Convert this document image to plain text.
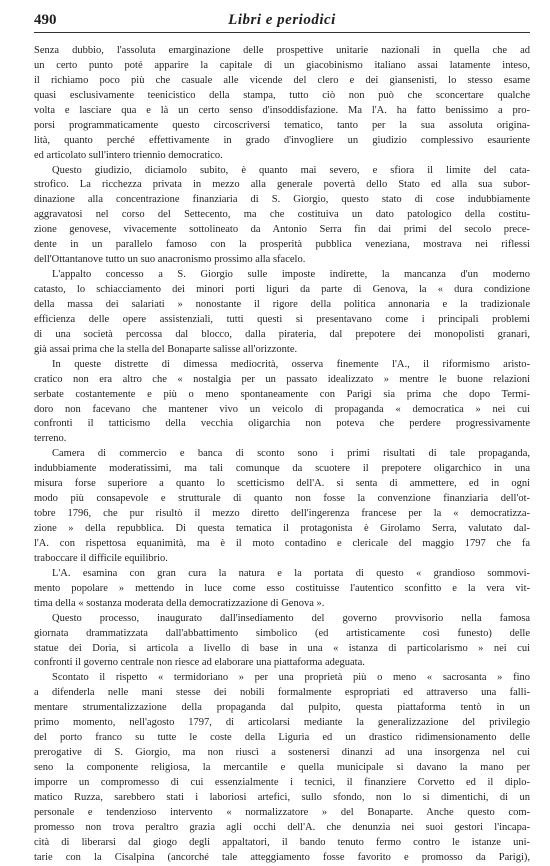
490	Libri e periodici
Senza dubbio, l'assoluta emarginazione delle prospettive unitarie nazionali in quella che ad
un certo punto poté apparire la capitale di un giacobinismo italiano assai latamente inteso,
il richiamo poco più che casuale alle vicende del clero e dei giansenisti, lo stesso esame
quasi esclusivamente teenicistico della stampa, tutto ciò non può che sconcertare qualche
volta e lasciare qua e là un certo senso d'insoddisfazione. Ma l'A. ha fatto benissimo a pro-
porsi programmaticamente questo circoscriversi tematico, tanto per la sua assoluta origina-
lità, quanto perché effettivamente in grado d'invogliere un giudizio complessivo esauriente
ed articolato sull'intero triennio democratico.
Questo giudizio, diciamolo subito, è quanto mai severo, e sfiora il limite del cata-
strofico. La ricchezza privata in mezzo alla generale povertà dello Stato ed alla sua subor-
dinazione alla concentrazione finanziaria di S. Giorgio, questo stato di cose indubbiamente
aggravatosi nel corso del Settecento, ma che costituiva un dato patologico della costitu-
zione genovese, vivacemente sottolineato da Antonio Serra fin dai primi del secolo prece-
dente in un parallelo famoso con la prosperità pubblica veneziana, mostrava nei riflessi
dell'Ottantanove tutto un suo anacronismo prossimo alla sfacelo.
L'appalto concesso a S. Giorgio sulle imposte indirette, la mancanza d'un moderno
catasto, lo schiacciamento dei minori porti liguri da parte di Genova, la « dura condizione
della massa dei salariati » nonostante il rigore della politica annonaria e la tradizionale
efficienza delle opere assistenziali, tutti questi si presentavano come i principali problemi
di una società percossa dal blocco, dalla pirateria, dal prepotere dei monopolisti granari,
già assai prima che la stella del Bonaparte salisse all'orizzonte.
In queste distrette di dimessa mediocrità, osserva finemente l'A., il riformismo aristo-
cratico non era altro che « nostalgia per un passato idealizzato » mentre le buone relazioni
serbate costantemente e più o meno spontaneamente con Parigi sia prima che dopo Termi-
doro non facevano che mantener vivo un veicolo di propaganda « democratica » nei cui
confronti il tatticismo della vecchia oligarchia non poteva che perdere progressivamente
terreno.
Camera di commercio e banca di sconto sono i primi risultati di tale propaganda,
indubbiamente moderatissimi, ma tali comunque da scuotere il prepotere oligarchico in una
misura forse superiore a quanto lo scetticismo dell'A. si senta di ammettere, ed in ogni
modo più consapevole e strutturale di quanto non fosse la convenzione finanziaria dell'ot-
tobre 1796, che pur risultò il mezzo diretto dell'ingerenza francese per la « democratizza-
zione » della repubblica. Di questa tematica il protagonista è Girolamo Serra, valutato dal-
l'A. con rispettosa equanimità, ma è il moto contadino e clericale del maggio 1797 che fa
traboccare il difficile equilibrio.
L'A. esamina con gran cura la natura e la portata di questo « grandioso sommovi-
mento popolare » mettendo in luce come esso costituisse l'autentico sconfitto e la vera vit-
tima della « sostanza moderata della democratizzazione di Genova ».
Questo processo, inaugurato dall'insediamento del governo provvisorio nella famosa
giornata drammatizzata dall'abbattimento simbolico (ed artisticamente così funesto) delle
statue dei Doria, si articola a livello di base in una « istanza di particolarismo » nei cui
confronti il governo centrale non riesce ad elaborare una piattaforma adeguata.
Scontato il rispetto « termidoriano » per una proprietà più o meno « sacrosanta » fino
a difenderla nelle mani stesse dei nobili formalmente espropriati ed attraverso una falli-
mentare strumentalizzazione della propaganda dal pulpito, questa piattaforma tentò in un
primo momento, nell'agosto 1797, di articolarsi mediante la generalizzazione del privilegio
del porto franco su tutte le coste della Liguria ed un drastico ridimensionamento delle
prerogative di S. Giorgio, ma non riuscì a sostenersi dinanzi ad una insorgenza nel cui
seno la componente religiosa, la mercantile e quella municipale si davano la mano per
imporre un compromesso di cui essenzialmente i tecnici, il finanziere Corvetto ed il diplo-
matico Ruzza, sarebbero stati i laboriosi artefici, sullo sfondo, non lo si dimentichi, di un
personale e tendenzioso intervento « normalizzatore » del Bonaparte. Anche questo com-
promesso non trova peraltro grazia agli occhi dell'A. che denunzia nei suoi gestori l'incapa-
cità di liberarsi dal giogo degli appaltatori, il bando tenuto fermo contro le istanze uni-
tarie con la Cisalpina (ancorché tale atteggiamento fosse favorito e promosso da Parigi),
